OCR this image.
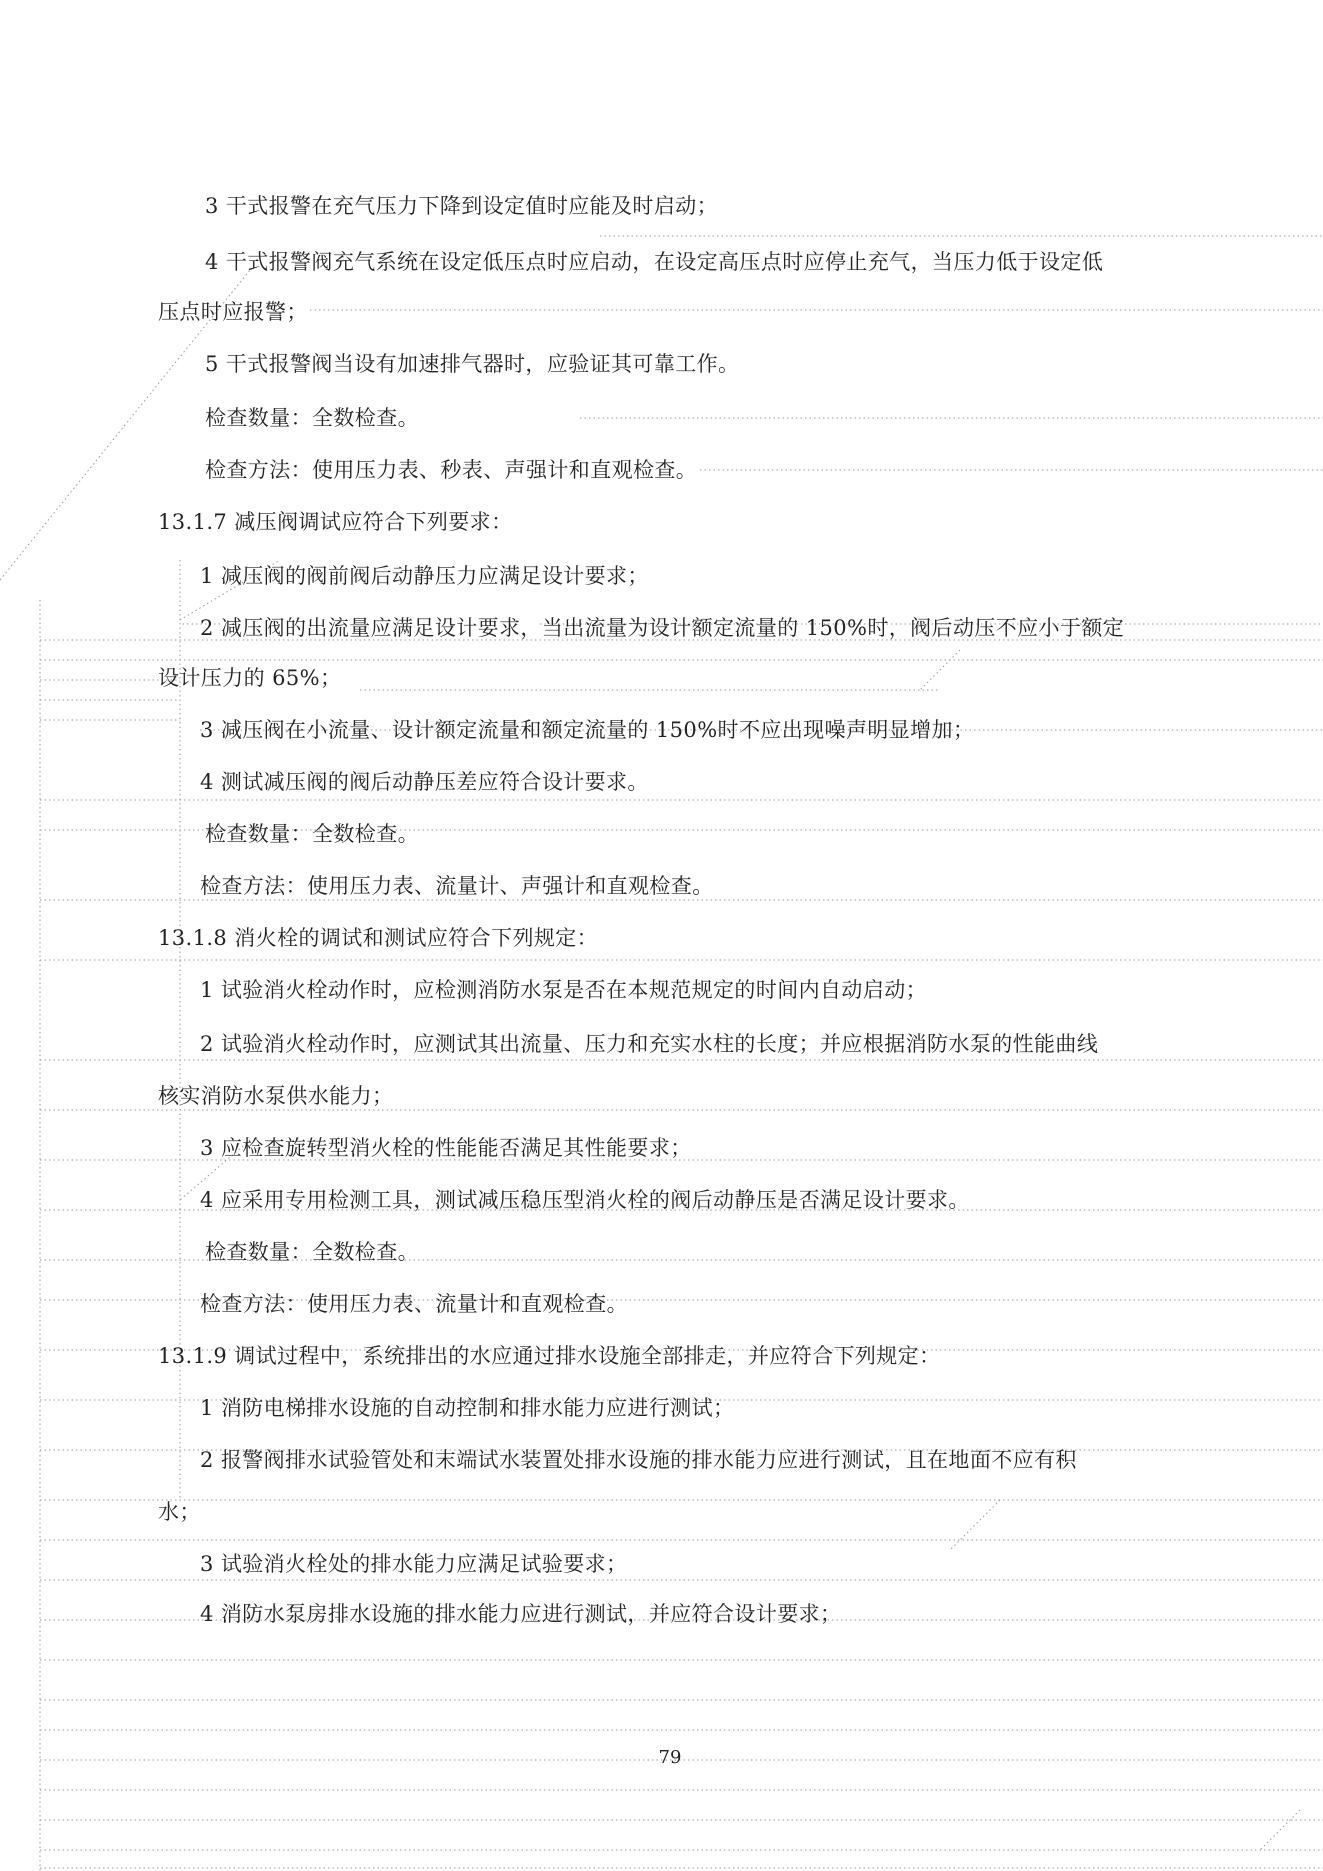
3 干式报警在充气压力下降到设定值时应能及时启动；
4 干式报警阀充气系统在设定低压点时应启动，在设定高压点时应停止充气，当压力低于设定低
压点时应报警；
5 干式报警阀当设有加速排气器时，应验证其可靠工作。
检查数量：全数检查。
检查方法：使用压力表、秒表、声强计和直观检查。
13.1.7 减压阀调试应符合下列要求：
1 减压阀的阀前阀后动静压力应满足设计要求；
2 减压阀的出流量应满足设计要求，当出流量为设计额定流量的 150%时，阀后动压不应小于额定
设计压力的 65%；
3 减压阀在小流量、设计额定流量和额定流量的 150%时不应出现噪声明显增加；
4 测试减压阀的阀后动静压差应符合设计要求。
检查数量：全数检查。
检查方法：使用压力表、流量计、声强计和直观检查。
13.1.8 消火栓的调试和测试应符合下列规定：
1 试验消火栓动作时，应检测消防水泵是否在本规范规定的时间内自动启动；
2 试验消火栓动作时，应测试其出流量、压力和充实水柱的长度；并应根据消防水泵的性能曲线
核实消防水泵供水能力；
3 应检查旋转型消火栓的性能能否满足其性能要求；
4 应采用专用检测工具，测试减压稳压型消火栓的阀后动静压是否满足设计要求。
检查数量：全数检查。
检查方法：使用压力表、流量计和直观检查。
13.1.9 调试过程中，系统排出的水应通过排水设施全部排走，并应符合下列规定：
1 消防电梯排水设施的自动控制和排水能力应进行测试；
2 报警阀排水试验管处和末端试水装置处排水设施的排水能力应进行测试，且在地面不应有积
水；
3 试验消火栓处的排水能力应满足试验要求；
4 消防水泵房排水设施的排水能力应进行测试，并应符合设计要求；
79
